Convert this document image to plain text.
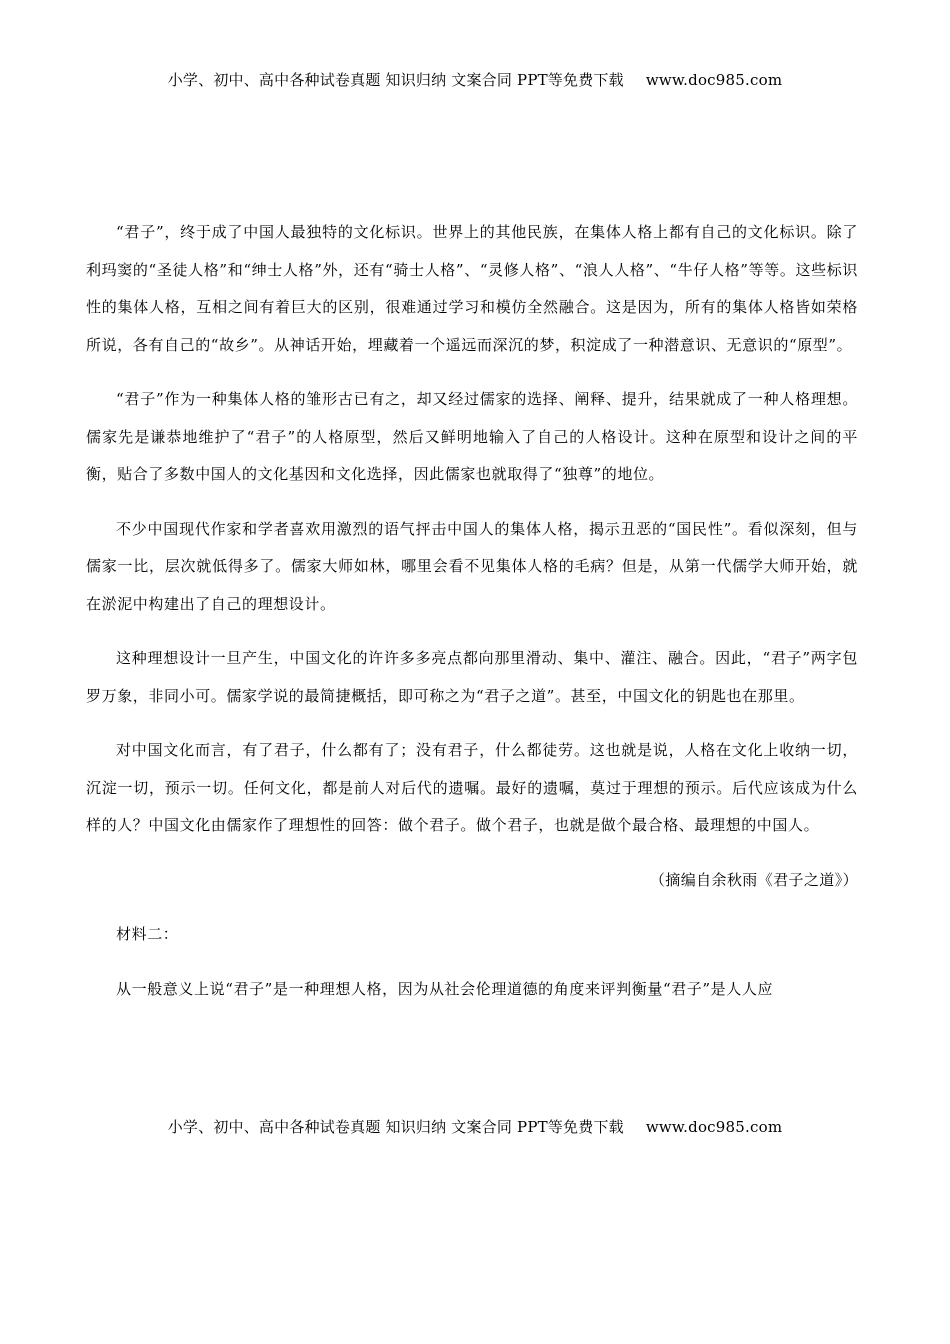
小学、初中、高中各种试卷真题 知识归纳 文案合同 PPT等免费下载 www.doc985.com

“君子”，终于成了中国人最独特的文化标识。世界上的其他民族，在集体人格上都有自己的文化标识。除了利玛窦的“圣徒人格”和“绅士人格”外，还有“骑士人格”、“灵修人格”、“浪人人格”、“牛仔人格”等等。这些标识性的集体人格，互相之间有着巨大的区别，很难通过学习和模仿全然融合。这是因为，所有的集体人格皆如荣格所说，各有自己的“故乡”。从神话开始，埋藏着一个遥远而深沉的梦，积淀成了一种潜意识、无意识的“原型”。

“君子”作为一种集体人格的雏形古已有之，却又经过儒家的选择、阐释、提升，结果就成了一种人格理想。儒家先是谦恭地维护了“君子”的人格原型，然后又鲜明地输入了自己的人格设计。这种在原型和设计之间的平衡，贴合了多数中国人的文化基因和文化选择，因此儒家也就取得了“独尊”的地位。

不少中国现代作家和学者喜欢用激烈的语气抨击中国人的集体人格，揭示丑恶的“国民性”。看似深刻，但与儒家一比，层次就低得多了。儒家大师如林，哪里会看不见集体人格的毛病？但是，从第一代儒学大师开始，就在淤泥中构建出了自己的理想设计。

这种理想设计一旦产生，中国文化的许许多多亮点都向那里滑动、集中、灌注、融合。因此，“君子”两字包罗万象，非同小可。儒家学说的最简捷概括，即可称之为“君子之道”。甚至，中国文化的钥匙也在那里。

对中国文化而言，有了君子，什么都有了；没有君子，什么都徒劳。这也就是说，人格在文化上收纳一切，沉淀一切，预示一切。任何文化，都是前人对后代的遗嘱。最好的遗嘱，莫过于理想的预示。后代应该成为什么样的人？中国文化由儒家作了理想性的回答：做个君子。做个君子，也就是做个最合格、最理想的中国人。

（摘编自余秋雨《君子之道》）

材料二：

从一般意义上说“君子”是一种理想人格，因为从社会伦理道德的角度来评判衡量“君子”是人人应

小学、初中、高中各种试卷真题 知识归纳 文案合同 PPT等免费下载 www.doc985.com
